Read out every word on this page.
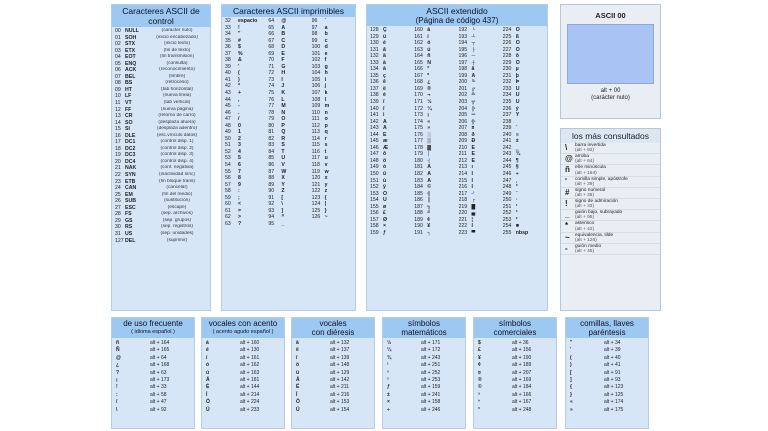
Caracteres ASCII de control
00 NULL	(carácter nulo)
01 SOH	(inicio encabezado)
02 STX	(inicio texto)
03 ETX	(fin de texto)
04 EOT	(fin transmisión)
05 ENQ	(consulta)
06 ACK	(reconocimiento)
07 BEL	(timbre)
08 BS	(retroceso)
09 HT	(tab horizontal)
10 LF	(nueva línea)
11 VT	(tab vertical)
12 FF	(nueva página)
13 CR	(retorno de carro)
14 SO	(desplaza afuera)
15 SI	(desplaza adentro)
16 DLE	(esc.vínculo datos)
17 DC1	(control disp. 1)
18 DC2	(control disp. 2)
19 DC3	(control disp. 3)
20 DC4	(control disp. 4)
21 NAK	(conf. negativa)
22 SYN	(inactividad sínc)
23 ETB	(fin bloque trans)
24 CAN	(cancelar)
25 EM	(fin del medio)
26 SUB	(sustitución)
27 ESC	(escape)
28 FS	(sep. archivos)
29 GS	(sep. grupos)
30 RS	(sep. registros)
31 US	(sep. unidades)
127 DEL	(suprimir)
Caracteres ASCII imprimibles
32	espacio
33	!
34	"
35	#
36	$
37	%
38	&
39	'
40	(
41	)
42	*
43	+
44	,
45	-
46	.
47	/
48	0
49	1
50	2
51	3
52	4
53	5
54	6
55	7
56	8
57	9
58	:
59	;
60	<
61	=
62	>
63	?
64	@
65	A
66	B
67	C
68	D
69	E
70	F
71	G
72	H
73	I
74	J
75	K
76	L
77	M
78	N
79	O
80	P
81	Q
82	R
83	S
84	T
85	U
86	V
87	W
88	X
89	Y
90	Z
91	[
92	\
93	]
94	^
95	_
96	`
97	a
98	b
99	c
100 d
101 e
102 f
103 g
104 h
105 i
106 j
107 k
108 l
109 m
110 n
111 o
112 p
113 q
114 r
115 s
116 t
117 u
118 v
119 w
120 x
121 y
122 z
123 {
124 |
125 }
126 ~
ASCII extendido
(Página de código 437)
128 Ç
129 ü
130 é
131 â
132 ä
133 à
134 å
135 ç
136 ê
137 ë
138 è
139 ï
140 î
141 ì
142 Ä
143 Å
144 É
145 æ
146 Æ
147 ô
148 ö
149 ò
150 û
151 ù
152 ÿ
153 Ö
154 Ü
155 ø
156 £
157 Ø
158 ×
159 ƒ
160 á
161 í
162 ó
163 ú
164 ñ
165 Ñ
166 ª
167 º
168 ¿
169 ®
170 ¬
171 ½
172 ¼
173 ¡
174 «
175 »
176 ░
177 ▒
178 ▓
179 │
180 ┤
181 Á
182 Â
183 À
184 ©
185 ╣
186 ║
187 ╗
188 ╝
189 ¢
190 ¥
191 ┐
192 └
193 ┴
194 ┬
195 ├
196 ─
197 ┼
198 ã
199 Ã
200 ╚
201 ╔
202 ╩
203 ╦
204 ╠
205 ═
206 ╬
207 ¤
208 ð
209 Ð
210 Ê
211 Ë
212 È
213 ı
214 Í
215 Î
216 Ï
217 ┘
218 ┌
219 █
220 ▄
221 ¦
222 Ì
223 ▀
224 Ó
225 ß
226 Ô
227 Ò
228 õ
229 Õ
230 µ
231 þ
232 Þ
233 Ú
234 Û
235 Ù
236 ý
237 Ý
238 ¯
239 ´
240 ≡
241 ±
242 ‗
243 ¾
244 ¶
245 §
246 ÷
247 ¸
248 °
249 ¨
250 ·
251 ¹
252 ³
253 ²
254 ■
255 nbsp
ASCII 00
alt + 00
(carácter nulo)
los más consultados
\	barra invertida
(alt + 92)
@ arroba
(alt + 64)
ñ	eñe minúscula
(alt + 164)
'	comilla simple, apóstrofe
(alt + 39)
#	signo numeral
(alt + 35)
!	signo de admiración
(alt + 33)
_	guión bajo, subrayado
(alt + 95)
*	asterisco
(alt + 42)
~	equivalencia, tilde
(alt + 126)
-	guión medio
(alt + 45)
de uso frecuente
( idioma español )
ñ	alt + 164
Ñ	alt + 165
@	alt + 64
¿	alt + 168
?	alt + 63
¡	alt + 173
!	alt + 33
:	alt + 58
/	alt + 47
\	alt + 92
vocales con acento
( acento agudo español )
á	alt + 160
é	alt + 130
í	alt + 161
ó	alt + 162
ú	alt + 163
Á	alt + 181
É	alt + 144
Í	alt + 214
Ó	alt + 224
Ú	alt + 233
vocales
con diéresis
ä	alt + 132
ë	alt + 137
ï	alt + 139
ö	alt + 148
ü	alt + 129
Ä	alt + 142
Ë	alt + 211
Ï	alt + 216
Ö	alt + 153
Ü	alt + 154
símbolos
matemáticos
½	alt + 171
¼	alt + 172
¾	alt + 243
¹	alt + 251
³	alt + 252
²	alt + 253
ƒ	alt + 159
±	alt + 241
×	alt + 158
÷	alt + 246
símbolos
comerciales
$	alt + 36
£	alt + 156
¥	alt + 190
¢	alt + 189
¤	alt + 207
®	alt + 169
©	alt + 184
ª	alt + 166
º	alt + 167
°	alt + 248
comillas, llaves
paréntesis
"	alt + 34
'	alt + 39
(	alt + 40
)	alt + 41
[	alt + 91
]	alt + 93
{	alt + 123
}	alt + 125
«	alt + 174
»	alt + 175
